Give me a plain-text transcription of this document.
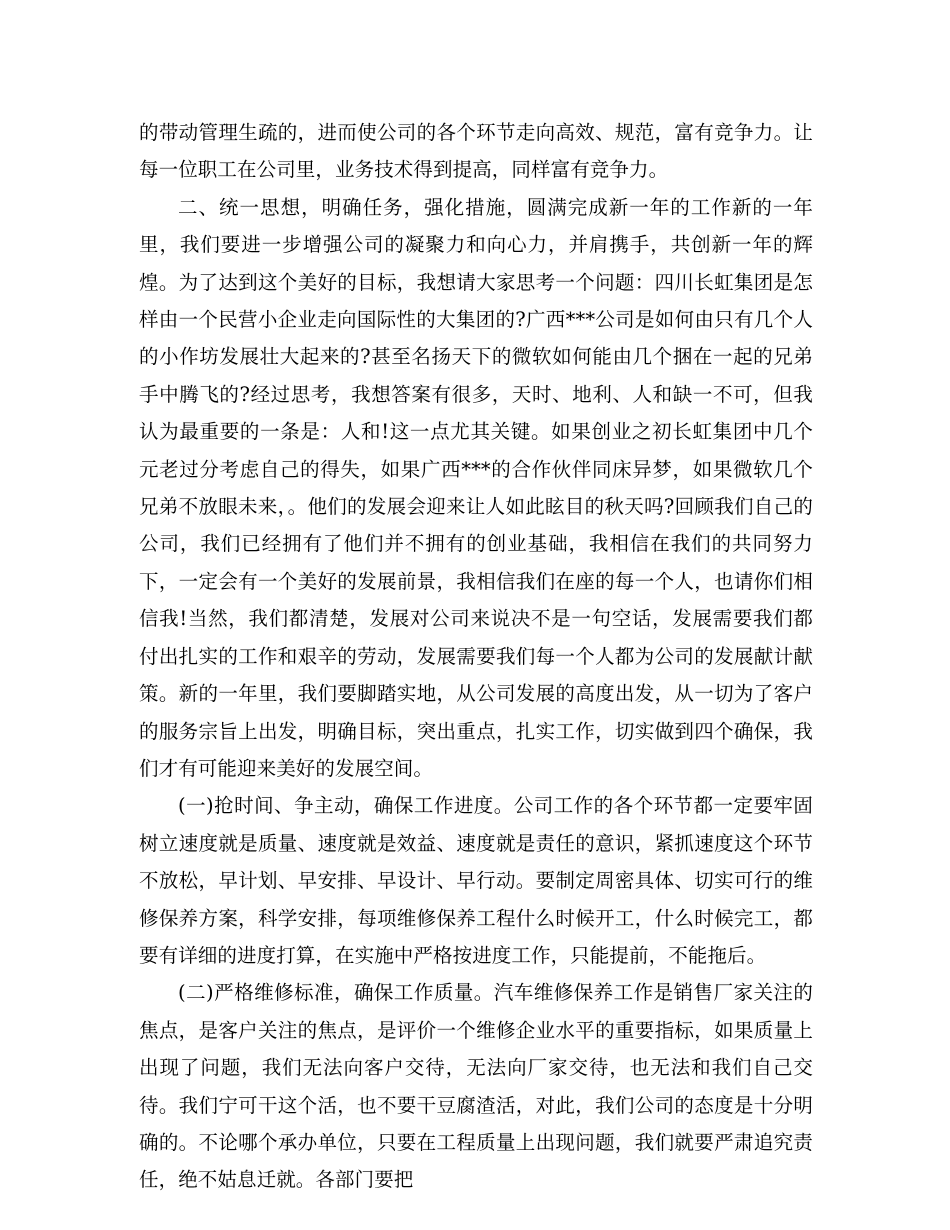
的带动管理生疏的，进而使公司的各个环节走向高效、规范，富有竞争力。让每一位职工在公司里，业务技术得到提高，同样富有竞争力。

二、统一思想，明确任务，强化措施，圆满完成新一年的工作新的一年里，我们要进一步增强公司的凝聚力和向心力，并肩携手，共创新一年的辉煌。为了达到这个美好的目标，我想请大家思考一个问题：四川长虹集团是怎样由一个民营小企业走向国际性的大集团的?广西***公司是如何由只有几个人的小作坊发展壮大起来的?甚至名扬天下的微软如何能由几个捆在一起的兄弟手中腾飞的?经过思考，我想答案有很多，天时、地利、人和缺一不可，但我认为最重要的一条是：人和!这一点尤其关键。如果创业之初长虹集团中几个元老过分考虑自己的得失，如果广西***的合作伙伴同床异梦，如果微软几个兄弟不放眼未来，。他们的发展会迎来让人如此眩目的秋天吗?回顾我们自己的公司，我们已经拥有了他们并不拥有的创业基础，我相信在我们的共同努力下，一定会有一个美好的发展前景，我相信我们在座的每一个人，也请你们相信我!当然，我们都清楚，发展对公司来说决不是一句空话，发展需要我们都付出扎实的工作和艰辛的劳动，发展需要我们每一个人都为公司的发展献计献策。新的一年里，我们要脚踏实地，从公司发展的高度出发，从一切为了客户的服务宗旨上出发，明确目标，突出重点，扎实工作，切实做到四个确保，我们才有可能迎来美好的发展空间。

(一)抢时间、争主动，确保工作进度。公司工作的各个环节都一定要牢固树立速度就是质量、速度就是效益、速度就是责任的意识，紧抓速度这个环节不放松，早计划、早安排、早设计、早行动。要制定周密具体、切实可行的维修保养方案，科学安排，每项维修保养工程什么时候开工，什么时候完工，都要有详细的进度打算，在实施中严格按进度工作，只能提前，不能拖后。

(二)严格维修标准，确保工作质量。汽车维修保养工作是销售厂家关注的焦点，是客户关注的焦点，是评价一个维修企业水平的重要指标，如果质量上出现了问题，我们无法向客户交待，无法向厂家交待，也无法和我们自己交待。我们宁可干这个活，也不要干豆腐渣活，对此，我们公司的态度是十分明确的。不论哪个承办单位，只要在工程质量上出现问题，我们就要严肃追究责任，绝不姑息迁就。各部门要把
